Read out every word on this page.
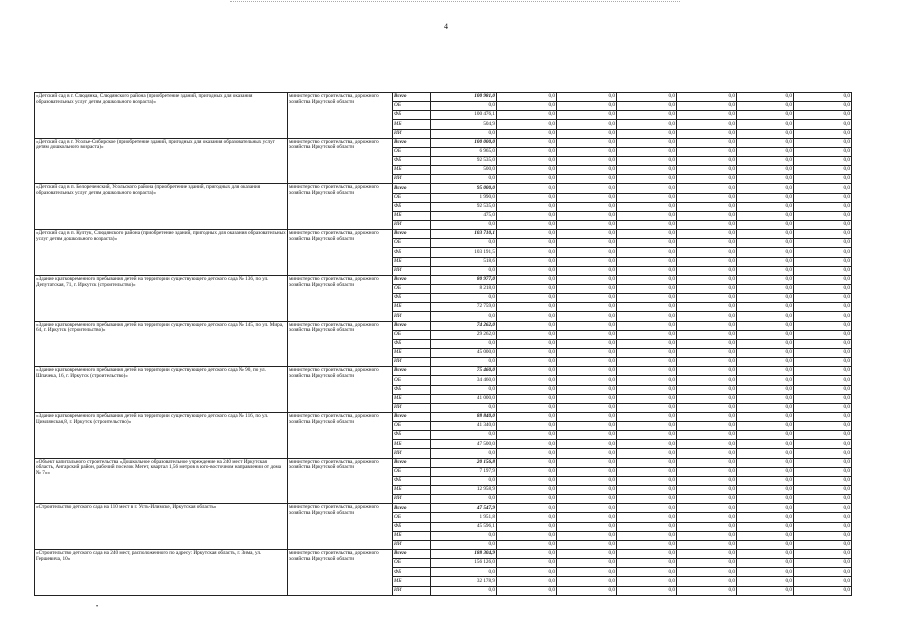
4
«Детский сад в г. Слюдянка, Слюдянского района (приобретение зданий, пригодных для оказания образовательных услуг детям дошкольного возраста)»	министерство строительства, дорожного хозяйства Иркутской области	Всего	100 981,0	0,0	0,0	0,0	0,0	0,0	0,0
		ОБ	0,0	0,0	0,0	0,0	0,0	0,0	0,0
		ФБ	100 476,1	0,0	0,0	0,0	0,0	0,0	0,0
		МБ	504,9	0,0	0,0	0,0	0,0	0,0	0,0
		ИИ	0,0	0,0	0,0	0,0	0,0	0,0	0,0
«Детский сад в г. Усолье-Сибирское (приобретение зданий, пригодных для оказания образовательных услуг детям дошкольного возраста)»	министерство строительства, дорожного хозяйства Иркутской области	Всего	100 000,0	0,0	0,0	0,0	0,0	0,0	0,0
		ОБ	6 965,0	0,0	0,0	0,0	0,0	0,0	0,0
		ФБ	92 535,0	0,0	0,0	0,0	0,0	0,0	0,0
		МБ	500,0	0,0	0,0	0,0	0,0	0,0	0,0
		ИИ	0,0	0,0	0,0	0,0	0,0	0,0	0,0
«Детский сад в п. Белореченский, Усольского района (приобретение зданий, пригодных для оказания образовательных услуг детям дошкольного возраста)»	министерство строительства, дорожного хозяйства Иркутской области	Всего	95 000,0	0,0	0,0	0,0	0,0	0,0	0,0
		ОБ	1 990,0	0,0	0,0	0,0	0,0	0,0	0,0
		ФБ	92 535,0	0,0	0,0	0,0	0,0	0,0	0,0
		МБ	475,0	0,0	0,0	0,0	0,0	0,0	0,0
		ИИ	0,0	0,0	0,0	0,0	0,0	0,0	0,0
«Детский сад в п. Култук, Слюдянского района (приобретение зданий, пригодных для оказания образовательных услуг детям дошкольного возраста)»	министерство строительства, дорожного хозяйства Иркутской области	Всего	103 710,1	0,0	0,0	0,0	0,0	0,0	0,0
		ОБ	0,0	0,0	0,0	0,0	0,0	0,0	0,0
		ФБ	103 191,5	0,0	0,0	0,0	0,0	0,0	0,0
		МБ	518,6	0,0	0,0	0,0	0,0	0,0	0,0
		ИИ	0,0	0,0	0,0	0,0	0,0	0,0	0,0
«Здание кратковременного пребывания детей на территории существующего детского сада № 136, по ул. Депутатская, 71, г. Иркутск (строительство)»	министерство строительства, дорожного хозяйства Иркутской области	Всего	80 977,0	0,0	0,0	0,0	0,0	0,0	0,0
		ОБ	8 218,0	0,0	0,0	0,0	0,0	0,0	0,0
		ФБ	0,0	0,0	0,0	0,0	0,0	0,0	0,0
		МБ	72 759,0	0,0	0,0	0,0	0,0	0,0	0,0
		ИИ	0,0	0,0	0,0	0,0	0,0	0,0	0,0
«Здание кратковременного пребывания детей на территории существующего детского сада № 145, по ул. Мира, 64, г. Иркутск (строительство)»	министерство строительства, дорожного хозяйства Иркутской области	Всего	74 262,0	0,0	0,0	0,0	0,0	0,0	0,0
		ОБ	29 262,0	0,0	0,0	0,0	0,0	0,0	0,0
		ФБ	0,0	0,0	0,0	0,0	0,0	0,0	0,0
		МБ	45 000,0	0,0	0,0	0,0	0,0	0,0	0,0
		ИИ	0,0	0,0	0,0	0,0	0,0	0,0	0,0
«Здание кратковременного пребывания детей на территории существующего детского сада № 90, по ул. Шпачека, 16, г. Иркутск (строительство)»	министерство строительства, дорожного хозяйства Иркутской области	Всего	75 460,0	0,0	0,0	0,0	0,0	0,0	0,0
		ОБ	34 460,0	0,0	0,0	0,0	0,0	0,0	0,0
		ФБ	0,0	0,0	0,0	0,0	0,0	0,0	0,0
		МБ	41 000,0	0,0	0,0	0,0	0,0	0,0	0,0
		ИИ	0,0	0,0	0,0	0,0	0,0	0,0	0,0
«Здание кратковременного пребывания детей на территории существующего детского сада № 116, по ул. Цимлянская,8, г. Иркутск (строительство)»	министерство строительства, дорожного хозяйства Иркутской области	Всего	88 840,0	0,0	0,0	0,0	0,0	0,0	0,0
		ОБ	41 340,0	0,0	0,0	0,0	0,0	0,0	0,0
		ФБ	0,0	0,0	0,0	0,0	0,0	0,0	0,0
		МБ	47 500,0	0,0	0,0	0,0	0,0	0,0	0,0
		ИИ	0,0	0,0	0,0	0,0	0,0	0,0	0,0
«Объект капитального строительства «Дошкольное образовательное учреждение на 240 мест Иркутская область, Ангарский район, рабочий поселок Мегет, квартал 1,56 метров в юго-восточном направлении от дома № 7»»	министерство строительства, дорожного хозяйства Иркутской области	Всего	20 156,8	0,0	0,0	0,0	0,0	0,0	0,0
		ОБ	7 197,9	0,0	0,0	0,0	0,0	0,0	0,0
		ФБ	0,0	0,0	0,0	0,0	0,0	0,0	0,0
		МБ	12 958,9	0,0	0,0	0,0	0,0	0,0	0,0
		ИИ	0,0	0,0	0,0	0,0	0,0	0,0	0,0
«Строительство детского сада на 110 мест в г. Усть-Илимске, Иркутская область»	министерство строительства, дорожного хозяйства Иркутской области	Всего	47 547,9	0,0	0,0	0,0	0,0	0,0	0,0
		ОБ	1 951,8	0,0	0,0	0,0	0,0	0,0	0,0
		ФБ	45 596,1	0,0	0,0	0,0	0,0	0,0	0,0
		МБ	0,0	0,0	0,0	0,0	0,0	0,0	0,0
		ИИ	0,0	0,0	0,0	0,0	0,0	0,0	0,0
«Строительство детского сада на 240 мест, расположенного по адресу: Иркутская область, г. Зима, ул. Гершевича, 10»	министерство строительства, дорожного хозяйства Иркутской области	Всего	188 304,9	0,0	0,0	0,0	0,0	0,0	0,0
		ОБ	156 126,0	0,0	0,0	0,0	0,0	0,0	0,0
		ФБ	0,0	0,0	0,0	0,0	0,0	0,0	0,0
		МБ	32 178,9	0,0	0,0	0,0	0,0	0,0	0,0
		ИИ	0,0	0,0	0,0	0,0	0,0	0,0	0,0
•
